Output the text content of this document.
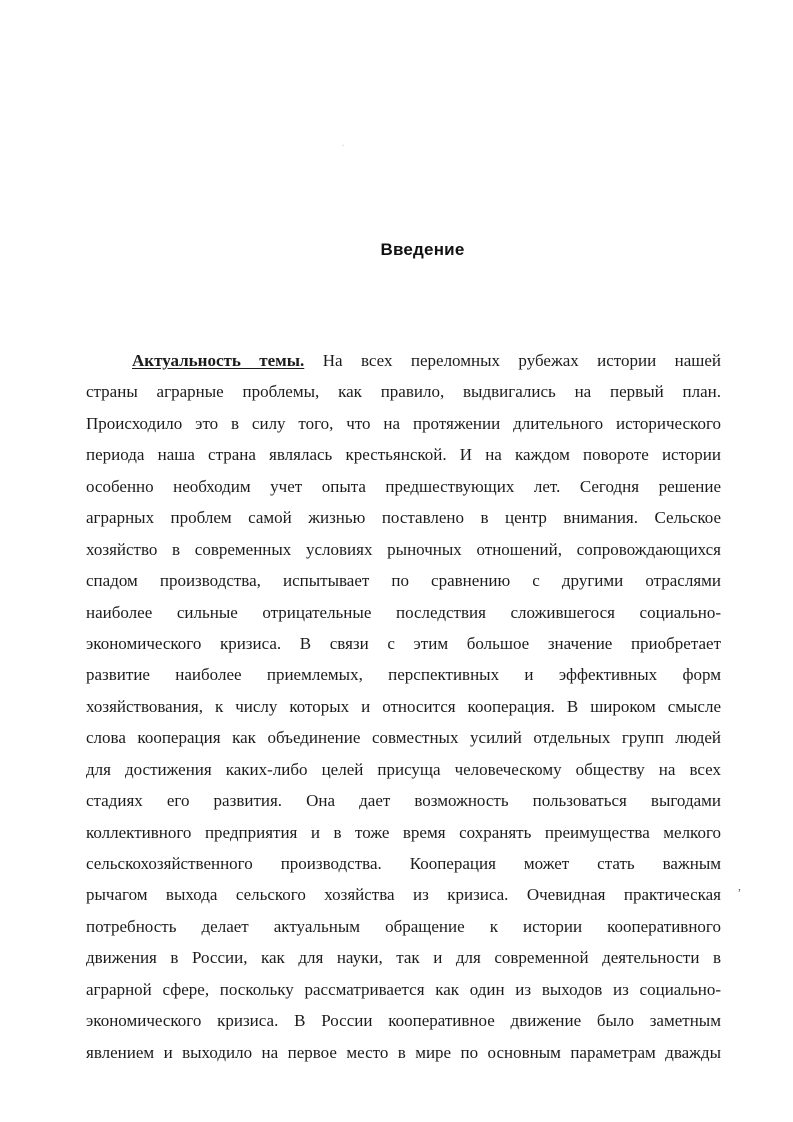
Введение
Актуальность темы. На всех переломных рубежах истории нашей
страны аграрные проблемы, как правило, выдвигались на первый план.
Происходило это в силу того, что на протяжении длительного исторического
периода наша страна являлась крестьянской. И на каждом повороте истории
особенно необходим учет опыта предшествующих лет. Сегодня решение
аграрных проблем самой жизнью поставлено в центр внимания. Сельское
хозяйство в современных условиях рыночных отношений, сопровождающихся
спадом производства, испытывает по сравнению с другими отраслями
наиболее сильные отрицательные последствия сложившегося социально-
экономического кризиса. В связи с этим большое значение приобретает
развитие наиболее приемлемых, перспективных и эффективных форм
хозяйствования, к числу которых и относится кооперация. В широком смысле
слова кооперация как объединение совместных усилий отдельных групп людей
для достижения каких-либо целей присуща человеческому обществу на всех
стадиях его развития. Она дает возможность пользоваться выгодами
коллективного предприятия и в тоже время сохранять преимущества мелкого
сельскохозяйственного производства. Кооперация может стать важным
рычагом выхода сельского хозяйства из кризиса. Очевидная практическая
потребность делает актуальным обращение к истории кооперативного
движения в России, как для науки, так и для современной деятельности в
аграрной сфере, поскольку рассматривается как один из выходов из социально-
экономического кризиса. В России кооперативное движение было заметным
явлением и выходило на первое место в мире по основным параметрам дважды
·
,
